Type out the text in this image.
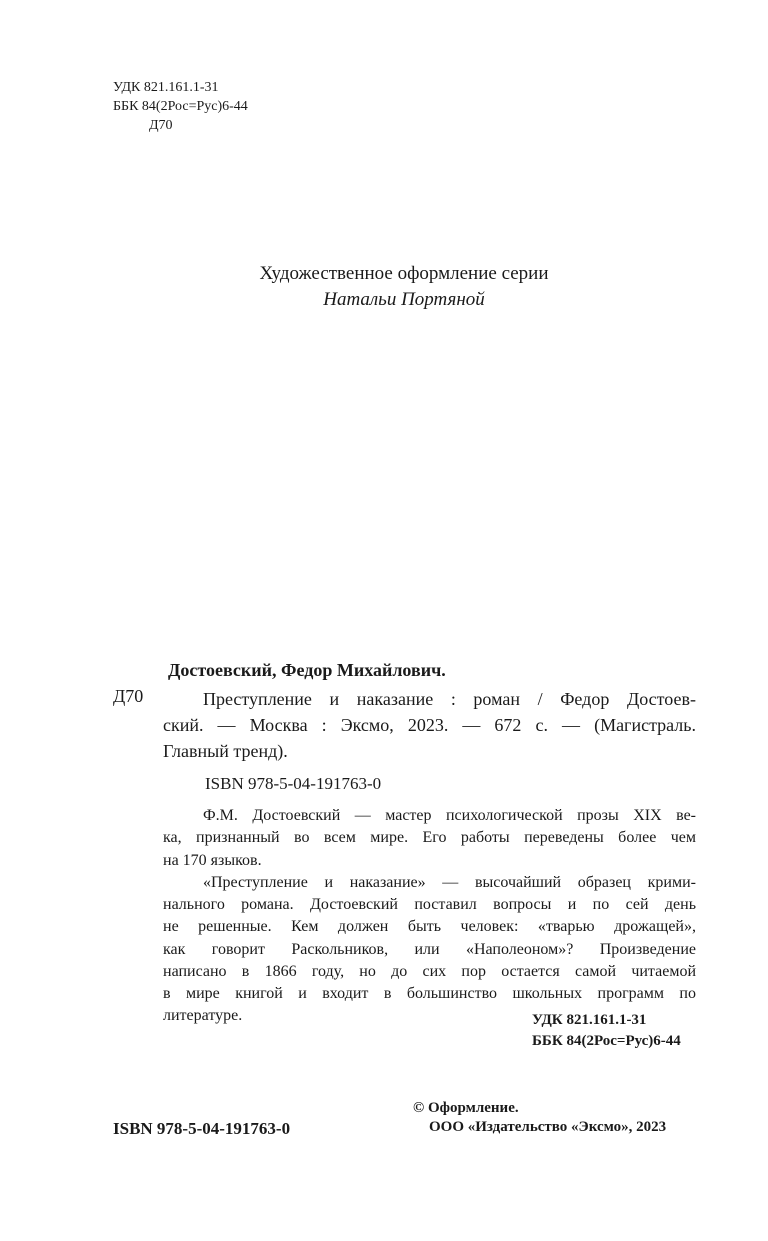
УДК 821.161.1-31
ББК 84(2Рос=Рус)6-44
Д70
Художественное оформление серии
Натальи Портяной
Достоевский, Федор Михайлович.
Д70	Преступление и наказание : роман / Федор Достоев-
ский. — Москва : Эксмо, 2023. — 672 с. — (Магистраль.
Главный тренд).
ISBN 978-5-04-191763-0
Ф.М. Достоевский — мастер психологической прозы XIX ве-
ка, признанный во всем мире. Его работы переведены более чем
на 170 языков.
«Преступление и наказание» — высочайший образец крими-
нального романа. Достоевский поставил вопросы и по сей день
не решенные. Кем должен быть человек: «тварью дрожащей»,
как говорит Раскольников, или «Наполеоном»? Произведение
написано в 1866 году, но до сих пор остается самой читаемой
в мире книгой и входит в большинство школьных программ по
литературе.	УДК 821.161.1-31
ББК 84(2Рос=Рус)6-44
© Оформление.
ООО «Издательство «Эксмо», 2023
ISBN 978-5-04-191763-0
